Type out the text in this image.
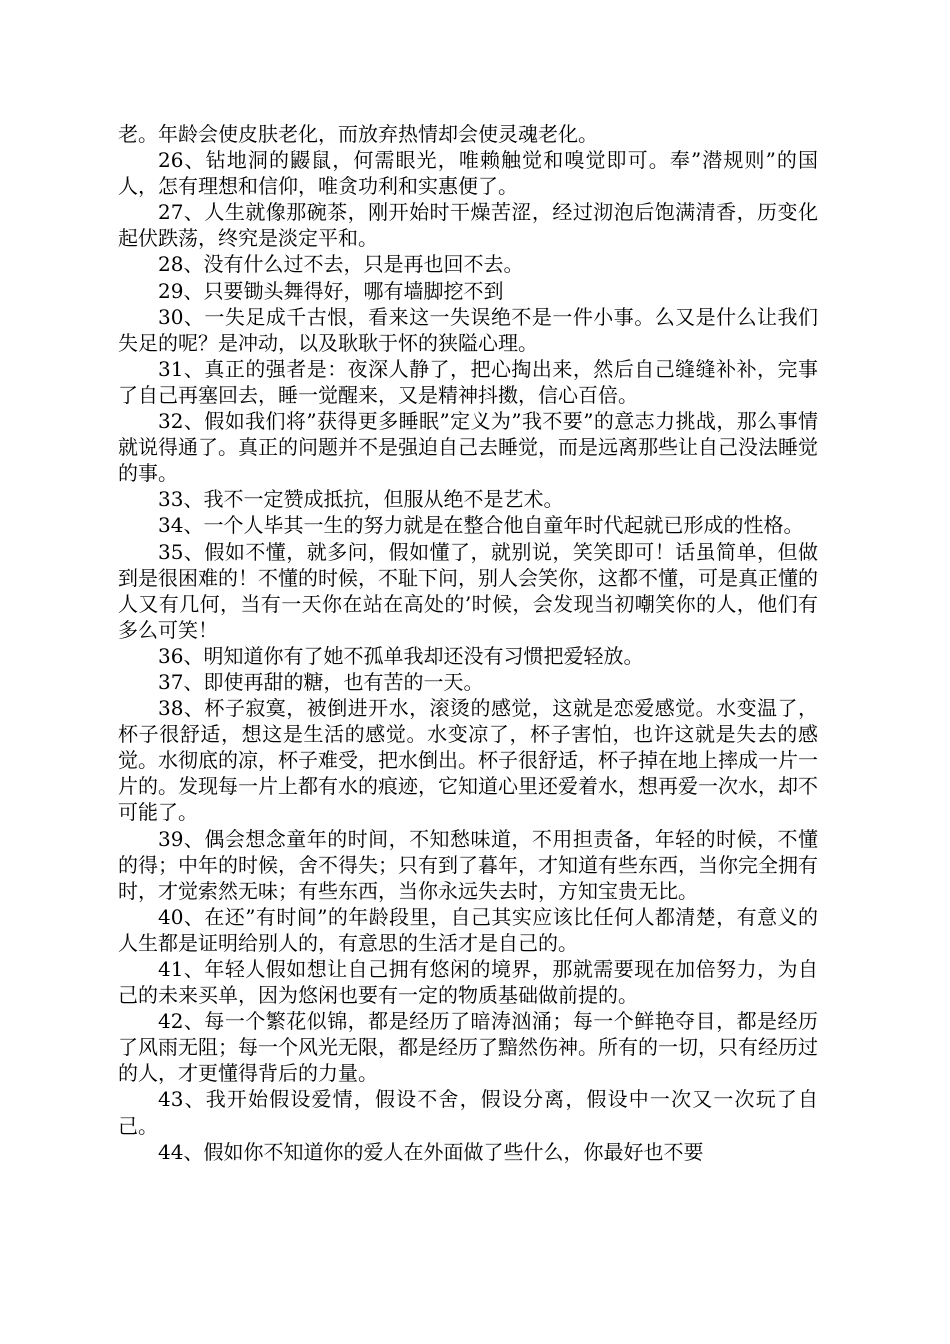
老。年龄会使皮肤老化，而放弃热情却会使灵魂老化。

26、钻地洞的鼹鼠，何需眼光，唯赖触觉和嗅觉即可。奉”潜规则”的国人，怎有理想和信仰，唯贪功利和实惠便了。

27、人生就像那碗茶，刚开始时干燥苦涩，经过沏泡后饱满清香，历变化起伏跌荡，终究是淡定平和。

28、没有什么过不去，只是再也回不去。

29、只要锄头舞得好，哪有墙脚挖不到

30、一失足成千古恨，看来这一失误绝不是一件小事。么又是什么让我们失足的呢？是冲动，以及耿耿于怀的狭隘心理。

31、真正的强者是：夜深人静了，把心掏出来，然后自己缝缝补补，完事了自己再塞回去，睡一觉醒来，又是精神抖擞，信心百倍。

32、假如我们将”获得更多睡眠”定义为”我不要”的意志力挑战，那么事情就说得通了。真正的问题并不是强迫自己去睡觉，而是远离那些让自己没法睡觉的事。

33、我不一定赞成抵抗，但服从绝不是艺术。

34、一个人毕其一生的努力就是在整合他自童年时代起就已形成的性格。

35、假如不懂，就多问，假如懂了，就别说，笑笑即可！话虽简单，但做到是很困难的！不懂的时候，不耻下问，别人会笑你，这都不懂，可是真正懂的人又有几何，当有一天你在站在高处的’时候，会发现当初嘲笑你的人，他们有多么可笑！

36、明知道你有了她不孤单我却还没有习惯把爱轻放。

37、即使再甜的糖，也有苦的一天。

38、杯子寂寞，被倒进开水，滚烫的感觉，这就是恋爱感觉。水变温了，杯子很舒适，想这是生活的感觉。水变凉了，杯子害怕，也许这就是失去的感觉。水彻底的凉，杯子难受，把水倒出。杯子很舒适，杯子掉在地上摔成一片一片的。发现每一片上都有水的痕迹，它知道心里还爱着水，想再爱一次水，却不可能了。

39、偶会想念童年的时间，不知愁味道，不用担责备，年轻的时候，不懂的得；中年的时候，舍不得失；只有到了暮年，才知道有些东西，当你完全拥有时，才觉索然无味；有些东西，当你永远失去时，方知宝贵无比。

40、在还”有时间”的年龄段里，自己其实应该比任何人都清楚，有意义的人生都是证明给别人的，有意思的生活才是自己的。

41、年轻人假如想让自己拥有悠闲的境界，那就需要现在加倍努力，为自己的未来买单，因为悠闲也要有一定的物质基础做前提的。

42、每一个繁花似锦，都是经历了暗涛汹涌；每一个鲜艳夺目，都是经历了风雨无阻；每一个风光无限，都是经历了黯然伤神。所有的一切，只有经历过的人，才更懂得背后的力量。

43、我开始假设爱情，假设不舍，假设分离，假设中一次又一次玩了自己。

44、假如你不知道你的爱人在外面做了些什么，你最好也不要
